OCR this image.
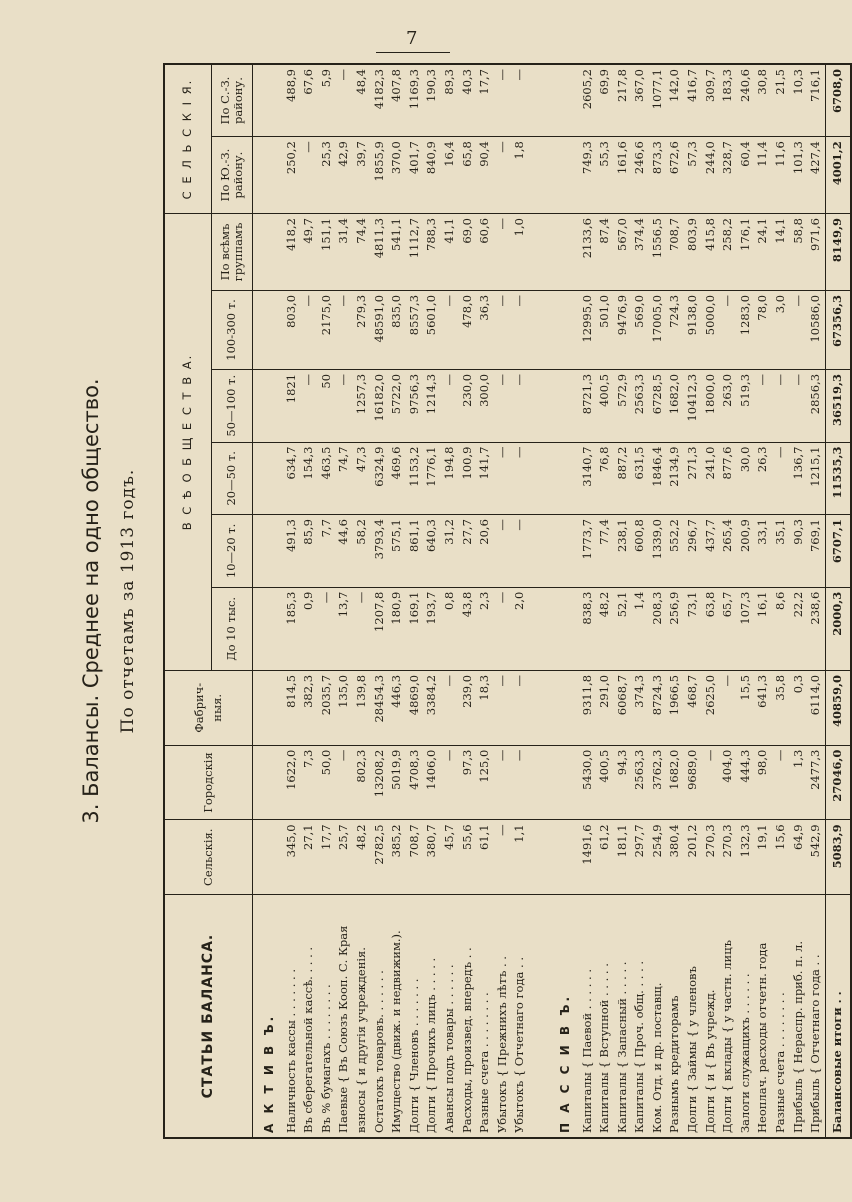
7
3. Балансы. Среднее на одно общество. По отчетамъ за 1913 годъ.
СТАТЬИ БАЛАНСА.	Сельскія.	Городскія	Фабрич-ныя.	В С Ѣ О Б Щ Е С Т В А.						С Е Л Ь С К І Я.	
				До 10 тыс.	10—20 т.	20—50 т.	50—100 т.	100-300 т.	По всѣмъ группамъ	По Ю.-З. району.	По С.-З. району.
А К Т И В Ъ.											
Наличность кассы . . . . . . .	345,0	1622,0	814,5	185,3	491,3	634,7	1821	803,0	418,2	250,2	488,9
Въ сберегательной кассѣ. . . . .	27,1	7,3	382,3	0,9	85,9	154,3	—	—	49,7	—	67,6
Въ % бумагахъ . . . . . . . .	17,7	50,0	2035,7	—	7,7	463,5	50	2175,0	151,1	25,3	5,9
Паевые { Въ Союзъ Кооп. С. Края	25,7	—	135,0	13,7	44,6	74,7	—	—	31,4	42,9	—
взносы { и другія учрежденія.	48,2	802,3	139,8	—	58,2	47,3	1257,3	279,3	74,4	39,7	48,4
Остатокъ товаровъ. . . . . . .	2782,5	13208,2	28454,3	1207,8	3793,4	6324,9	16182,0	48591,0	4811,3	1855,9	4182,3
Имущество (движ. и недвижим.).	385,2	5019,9	446,3	180,9	575,1	469,6	5722,0	835,0	541,1	370,0	407,8
Долги { Членовъ . . . . . . .	708,7	4708,3	4869,0	169,1	861,1	1153,2	9756,3	8557,3	1112,7	401,7	1169,3
Долги { Прочихъ лицъ . . . . .	380,7	1406,0	3384,2	193,7	640,3	1776,1	1214,3	5601,0	788,3	840,9	190,3
Авансы подъ товары . . . . . .	45,7	—	—	0,8	31,2	194,8	—	—	41,1	16,4	89,3
Расходы, произвед. впередъ . .	55,6	97,3	239,0	43,8	27,7	100,9	230,0	478,0	69,0	65,8	40,3
Разные счета . . . . . . . .	61,1	125,0	18,3	2,3	20,6	141,7	300,0	36,3	60,6	90,4	17,7
Убытокъ { Прежнихъ лѣтъ . .	—	—	—	—	—	—	—	—	—	—	—
Убытокъ { Отчетнаго года . .	1,1	—	—	2,0	—	—	—	—	1,0	1,8	—

П А С С И В Ъ.											
Капиталы { Паевой . . . . . .	1491,6	5430,0	9311,8	838,3	1773,7	3140,7	8721,3	12995,0	2133,6	749,3	2605,2
Капиталы { Вступной . . . . .	61,2	400,5	291,0	48,2	77,4	76,8	400,5	501,0	87,4	55,3	69,9
Капиталы { Запасный . . . . .	181,1	94,3	6068,7	52,1	238,1	887,2	572,9	9476,9	567,0	161,6	217,8
Капиталы { Проч. общ. . . . .	297,7	2563,3	374,3	1,4	600,8	631,5	2563,3	569,0	374,4	246,6	367,0
Ком. Отд. и др. поставщ.	254,9	3762,3	8724,3	208,3	1339,0	1846,4	6728,5	17005,0	1556,5	873,3	1077,1
Разнымъ кредиторамъ	380,4	1682,0	1966,5	256,9	552,2	2134,9	1682,0	724,3	708,7	672,6	142,0
Долги { Займы { у членовъ	201,2	9689,0	468,7	73,1	296,7	271,3	10412,3	9138,0	803,9	57,3	416,7
Долги { и { Въ учрежд.	270,3	—	2625,0	63,8	437,7	241,0	1800,0	5000,0	415,8	244,0	309,7
Долги { вклады { у частн. лицъ	270,3	404,0	—	65,7	265,4	877,6	263,0	—	258,2	328,7	183,3
Залоги служащихъ . . . . . .	132,3	444,3	15,5	107,3	200,9	30,0	519,3	1283,0	176,1	60,4	240,6
Неоплач. расходы отчетн. года	19,1	98,0	641,3	16,1	33,1	26,3	—	78,0	24,1	11,4	30,8
Разные счета . . . . . . . .	15,6	—	35,8	8,6	35,1	—	—	3,0	14,1	11,6	21,5
Прибыль { Нераспр. приб. п. л.	64,9	1,3	0,3	22,2	90,3	136,7	—	—	58,8	101,3	10,3
Прибыль { Отчетнаго года . .	542,9	2477,3	6114,0	238,6	769,1	1215,1	2856,3	10586,0	971,6	427,4	716,1
Балансовые итоги . .	5083,9	27046,0	40859,0	2000,3	6707,1	11535,3	36519,3	67356,3	8149,9	4001,2	6708,0
